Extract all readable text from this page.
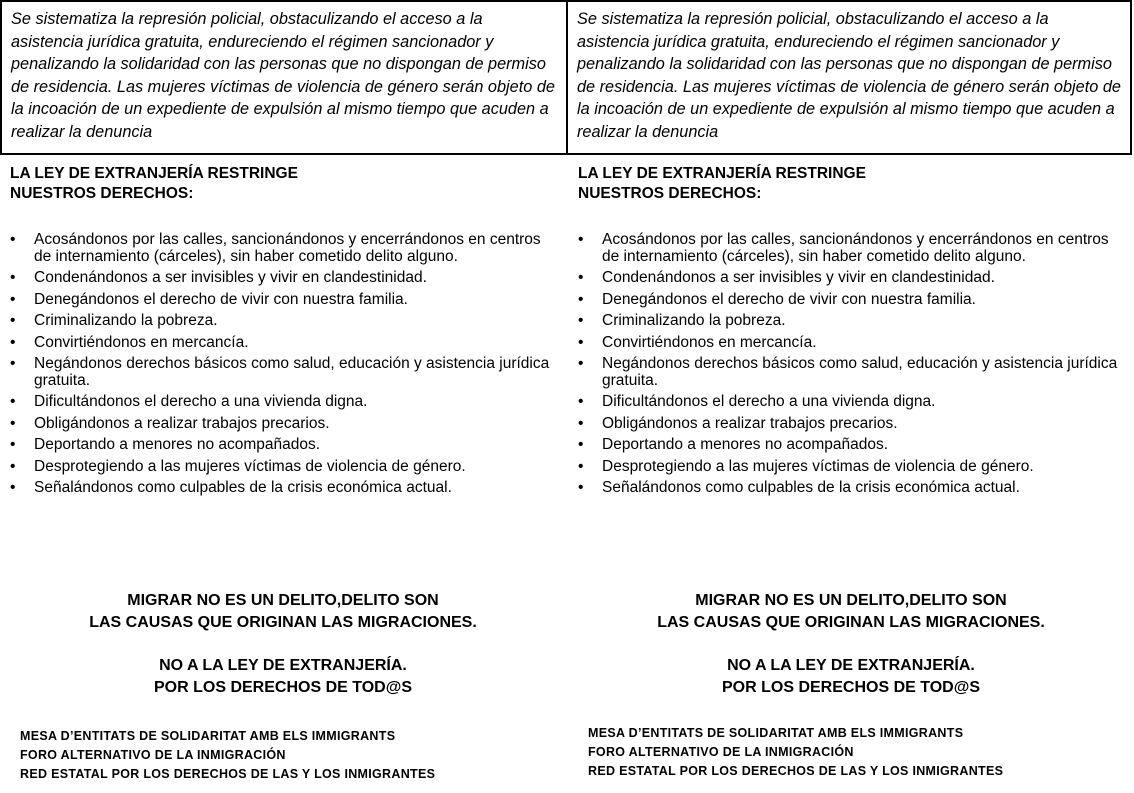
Se sistematiza la represión policial, obstaculizando el acceso a la asistencia jurídica gratuita, endureciendo el régimen sancionador y penalizando la solidaridad con las personas que no dispongan de permiso de residencia. Las mujeres víctimas de violencia de género serán objeto de la incoación de un expediente de expulsión al mismo tiempo que acuden a realizar la denuncia
LA LEY DE EXTRANJERÍA RESTRINGE
NUESTROS DERECHOS:
• Acosándonos por las calles, sancionándonos y encerrándonos en centros de internamiento (cárceles), sin haber cometido delito alguno.
• Condenándonos a ser invisibles y vivir en clandestinidad.
• Denegándonos el derecho de vivir con nuestra familia.
• Criminalizando la pobreza.
• Convirtiéndonos en mercancía.
• Negándonos derechos básicos como salud, educación y asistencia jurídica gratuita.
• Dificultándonos el derecho a una vivienda digna.
• Obligándonos a realizar trabajos precarios.
• Deportando a menores no acompañados.
• Desprotegiendo a las mujeres víctimas de violencia de género.
• Señalándonos como culpables de la crisis económica actual.
MIGRAR NO ES UN DELITO,DELITO SON
LAS CAUSAS QUE ORIGINAN LAS MIGRACIONES.
NO A LA LEY DE EXTRANJERÍA.
POR LOS DERECHOS DE TOD@S
MESA D’ENTITATS DE SOLIDARITAT AMB ELS IMMIGRANTS
FORO ALTERNATIVO DE LA INMIGRACIÓN
RED ESTATAL POR LOS DERECHOS DE LAS Y LOS INMIGRANTES
Se sistematiza la represión policial, obstaculizando el acceso a la asistencia jurídica gratuita, endureciendo el régimen sancionador y penalizando la solidaridad con las personas que no dispongan de permiso de residencia. Las mujeres víctimas de violencia de género serán objeto de la incoación de un expediente de expulsión al mismo tiempo que acuden a realizar la denuncia
LA LEY DE EXTRANJERÍA RESTRINGE
NUESTROS DERECHOS:
• Acosándonos por las calles, sancionándonos y encerrándonos en centros de internamiento (cárceles), sin haber cometido delito alguno.
• Condenándonos a ser invisibles y vivir en clandestinidad.
• Denegándonos el derecho de vivir con nuestra familia.
• Criminalizando la pobreza.
• Convirtiéndonos en mercancía.
• Negándonos derechos básicos como salud, educación y asistencia jurídica gratuita.
• Dificultándonos el derecho a una vivienda digna.
• Obligándonos a realizar trabajos precarios.
• Deportando a menores no acompañados.
• Desprotegiendo a las mujeres víctimas de violencia de género.
• Señalándonos como culpables de la crisis económica actual.
MIGRAR NO ES UN DELITO,DELITO SON
LAS CAUSAS QUE ORIGINAN LAS MIGRACIONES.
NO A LA LEY DE EXTRANJERÍA.
POR LOS DERECHOS DE TOD@S
MESA D’ENTITATS DE SOLIDARITAT AMB ELS IMMIGRANTS
FORO ALTERNATIVO DE LA INMIGRACIÓN
RED ESTATAL POR LOS DERECHOS DE LAS Y LOS INMIGRANTES
